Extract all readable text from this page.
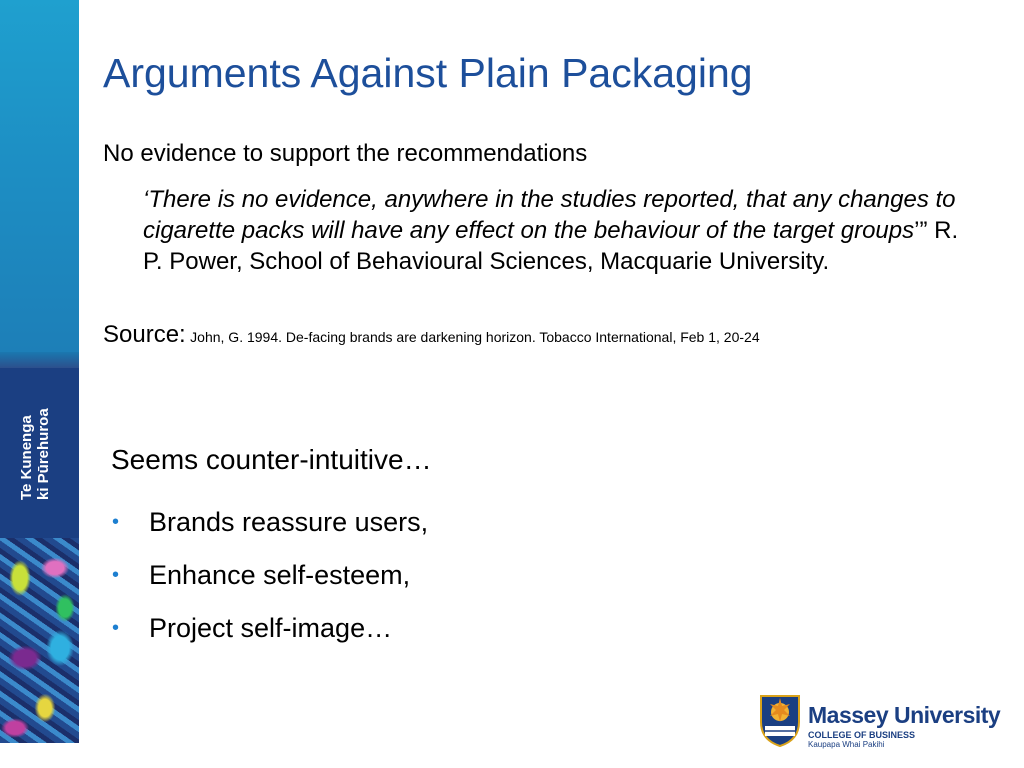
Te Kunenga ki Pūrehuroa
Arguments Against Plain Packaging
No evidence to support the recommendations
‘There is no evidence, anywhere in the studies reported, that any changes to cigarette packs will have any effect on the behaviour of the target groups’” R. P. Power, School of Behavioural Sciences, Macquarie University.
Source: John, G. 1994. De-facing brands are darkening horizon. Tobacco International, Feb 1, 20-24
Seems counter-intuitive…
•	Brands reassure users,
•	Enhance self-esteem,
•	Project self-image…
Massey University
COLLEGE OF BUSINESS
Kaupapa Whai Pakihi
